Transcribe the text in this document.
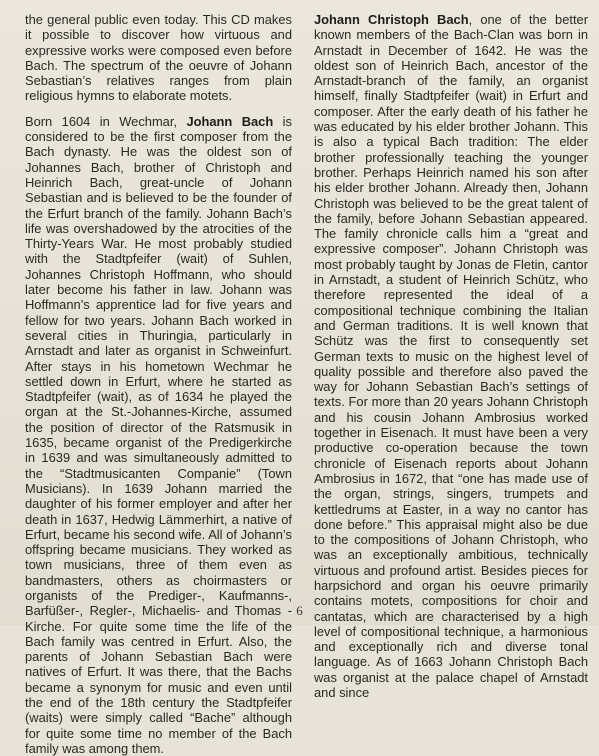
the general public even today. This CD makes it possible to discover how virtuous and expressive works were composed even before Bach. The spectrum of the oeuvre of Johann Sebastian’s relatives ranges from plain religious hymns to elaborate motets.

Born 1604 in Wechmar, Johann Bach is considered to be the first composer from the Bach dynasty. He was the oldest son of Johannes Bach, brother of Christoph and Heinrich Bach, great-uncle of Johann Sebastian and is believed to be the founder of the Erfurt branch of the family. Johann Bach’s life was overshadowed by the atrocities of the Thirty-Years War. He most probably studied with the Stadtpfeifer (wait) of Suhlen, Johannes Christoph Hoffmann, who should later become his father in law. Johann was Hoffmann’s apprentice lad for five years and fellow for two years. Johann Bach worked in several cities in Thuringia, particularly in Arnstadt and later as organist in Schweinfurt. After stays in his hometown Wechmar he settled down in Erfurt, where he started as Stadtpfeifer (wait), as of 1634 he played the organ at the St.-Johannes-Kirche, assumed the position of director of the Ratsmusik in 1635, became organist of the Predigerkirche in 1639 and was simultaneously admitted to the “Stadtmusicanten Companie” (Town Musicians). In 1639 Johann married the daughter of his former employer and after her death in 1637, Hedwig Lämmerhirt, a native of Erfurt, became his second wife. All of Johann’s offspring became musicians. They worked as town musicians, three of them even as bandmasters, others as choirmasters or organists of the Prediger-, Kaufmanns-, Barfüßer-, Regler-, Michaelis- and Thomas -Kirche. For quite some time the life of the Bach family was centred in Erfurt. Also, the parents of Johann Sebastian Bach were natives of Erfurt. It was there, that the Bachs became a synonym for music and even until the end of the 18th century the Stadtpfeifer (waits) were simply called “Bache” although for quite some time no member of the Bach family was among them.

Johann Christoph Bach, one of the better known members of the Bach-Clan was born in Arnstadt in December of 1642. He was the oldest son of Heinrich Bach, ancestor of the Arnstadt-branch of the family, an organist himself, finally Stadtpfeifer (wait) in Erfurt and composer. After the early death of his father he was educated by his elder brother Johann. This is also a typical Bach tradition: The elder brother professionally teaching the younger brother. Perhaps Heinrich named his son after his elder brother Johann. Already then, Johann Christoph was believed to be the great talent of the family, before Johann Sebastian appeared. The family chronicle calls him a “great and expressive composer”. Johann Christoph was most probably taught by Jonas de Fletin, cantor in Arnstadt, a student of Heinrich Schütz, who therefore represented the ideal of a compositional technique combining the Italian and German traditions. It is well known that Schütz was the first to consequently set German texts to music on the highest level of quality possible and therefore also paved the way for Johann Sebastian Bach’s settings of texts. For more than 20 years Johann Christoph and his cousin Johann Ambrosius worked together in Eisenach. It must have been a very productive co-operation because the town chronicle of Eisenach reports about Johann Ambrosius in 1672, that “one has made use of the organ, strings, singers, trumpets and kettledrums at Easter, in a way no cantor has done before.” This appraisal might also be due to the compositions of Johann Christoph, who was an exceptionally ambitious, technically virtuous and profound artist. Besides pieces for harpsichord and organ his oeuvre primarily contains motets, compositions for choir and cantatas, which are characterised by a high level of compositional technique, a harmonious and exceptionally rich and diverse tonal language. As of 1663 Johann Christoph Bach was organist at the palace chapel of Arnstadt and since

6
